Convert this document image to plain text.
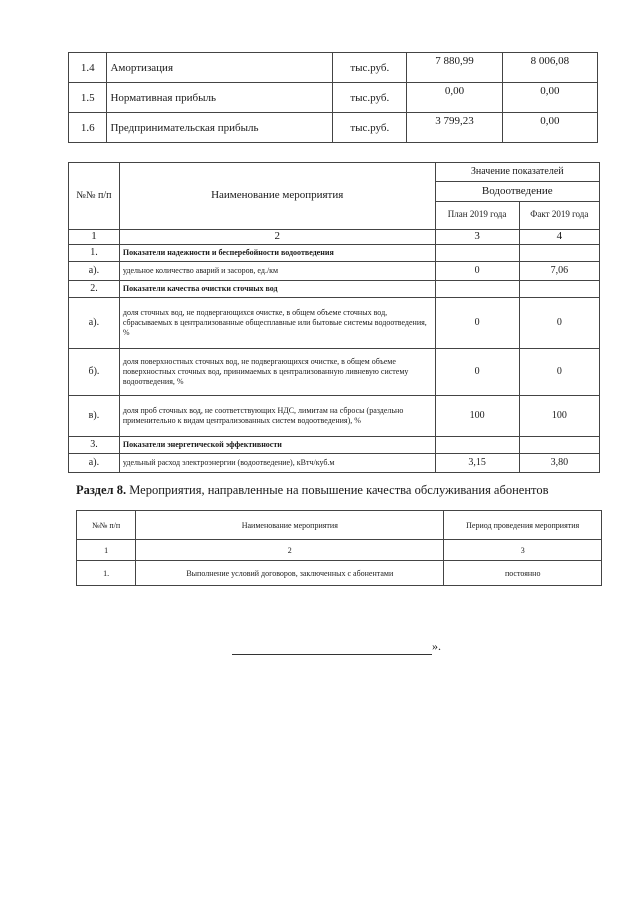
1.4	Амортизация	тыс.руб.	7 880,99	8 006,08
1.5	Нормативная прибыль	тыс.руб.	0,00	0,00
1.6	Предпринимательская прибыль	тыс.руб.	3 799,23	0,00
№№ п/п	Наименование мероприятия	Значение показателей	
		Водоотведение	
		План 2019 года	Факт 2019 года
1	2	3	4
1.	Показатели надежности и бесперебойности водоотведения		
а).	удельное количество аварий и засоров, ед./км	0	7,06
2.	Показатели качества очистки сточных вод		
а).	доля сточных вод, не подвергающихся очистке, в общем объеме сточных вод, сбрасываемых в централизованные общесплавные или бытовые системы водоотведения, %	0	0
б).	доля поверхностных сточных вод, не подвергающихся очистке, в общем объеме поверхностных сточных вод, принимаемых в централизованную ливневую систему водоотведения, %	0	0
в).	доля проб сточных вод, не соответствующих НДС, лимитам на сбросы (раздельно применительно к видам централизованных систем водоотведения), %	100	100
3.	Показатели энергетической эффективности		
а).	удельный расход электроэнергии (водоотведение), кВтч/куб.м	3,15	3,80
Раздел 8. Мероприятия, направленные на повышение качества обслуживания абонентов
№№ п/п	Наименование мероприятия	Период проведения мероприятия
1	2	3
1.	Выполнение условий договоров, заключенных с абонентами	постоянно
».
